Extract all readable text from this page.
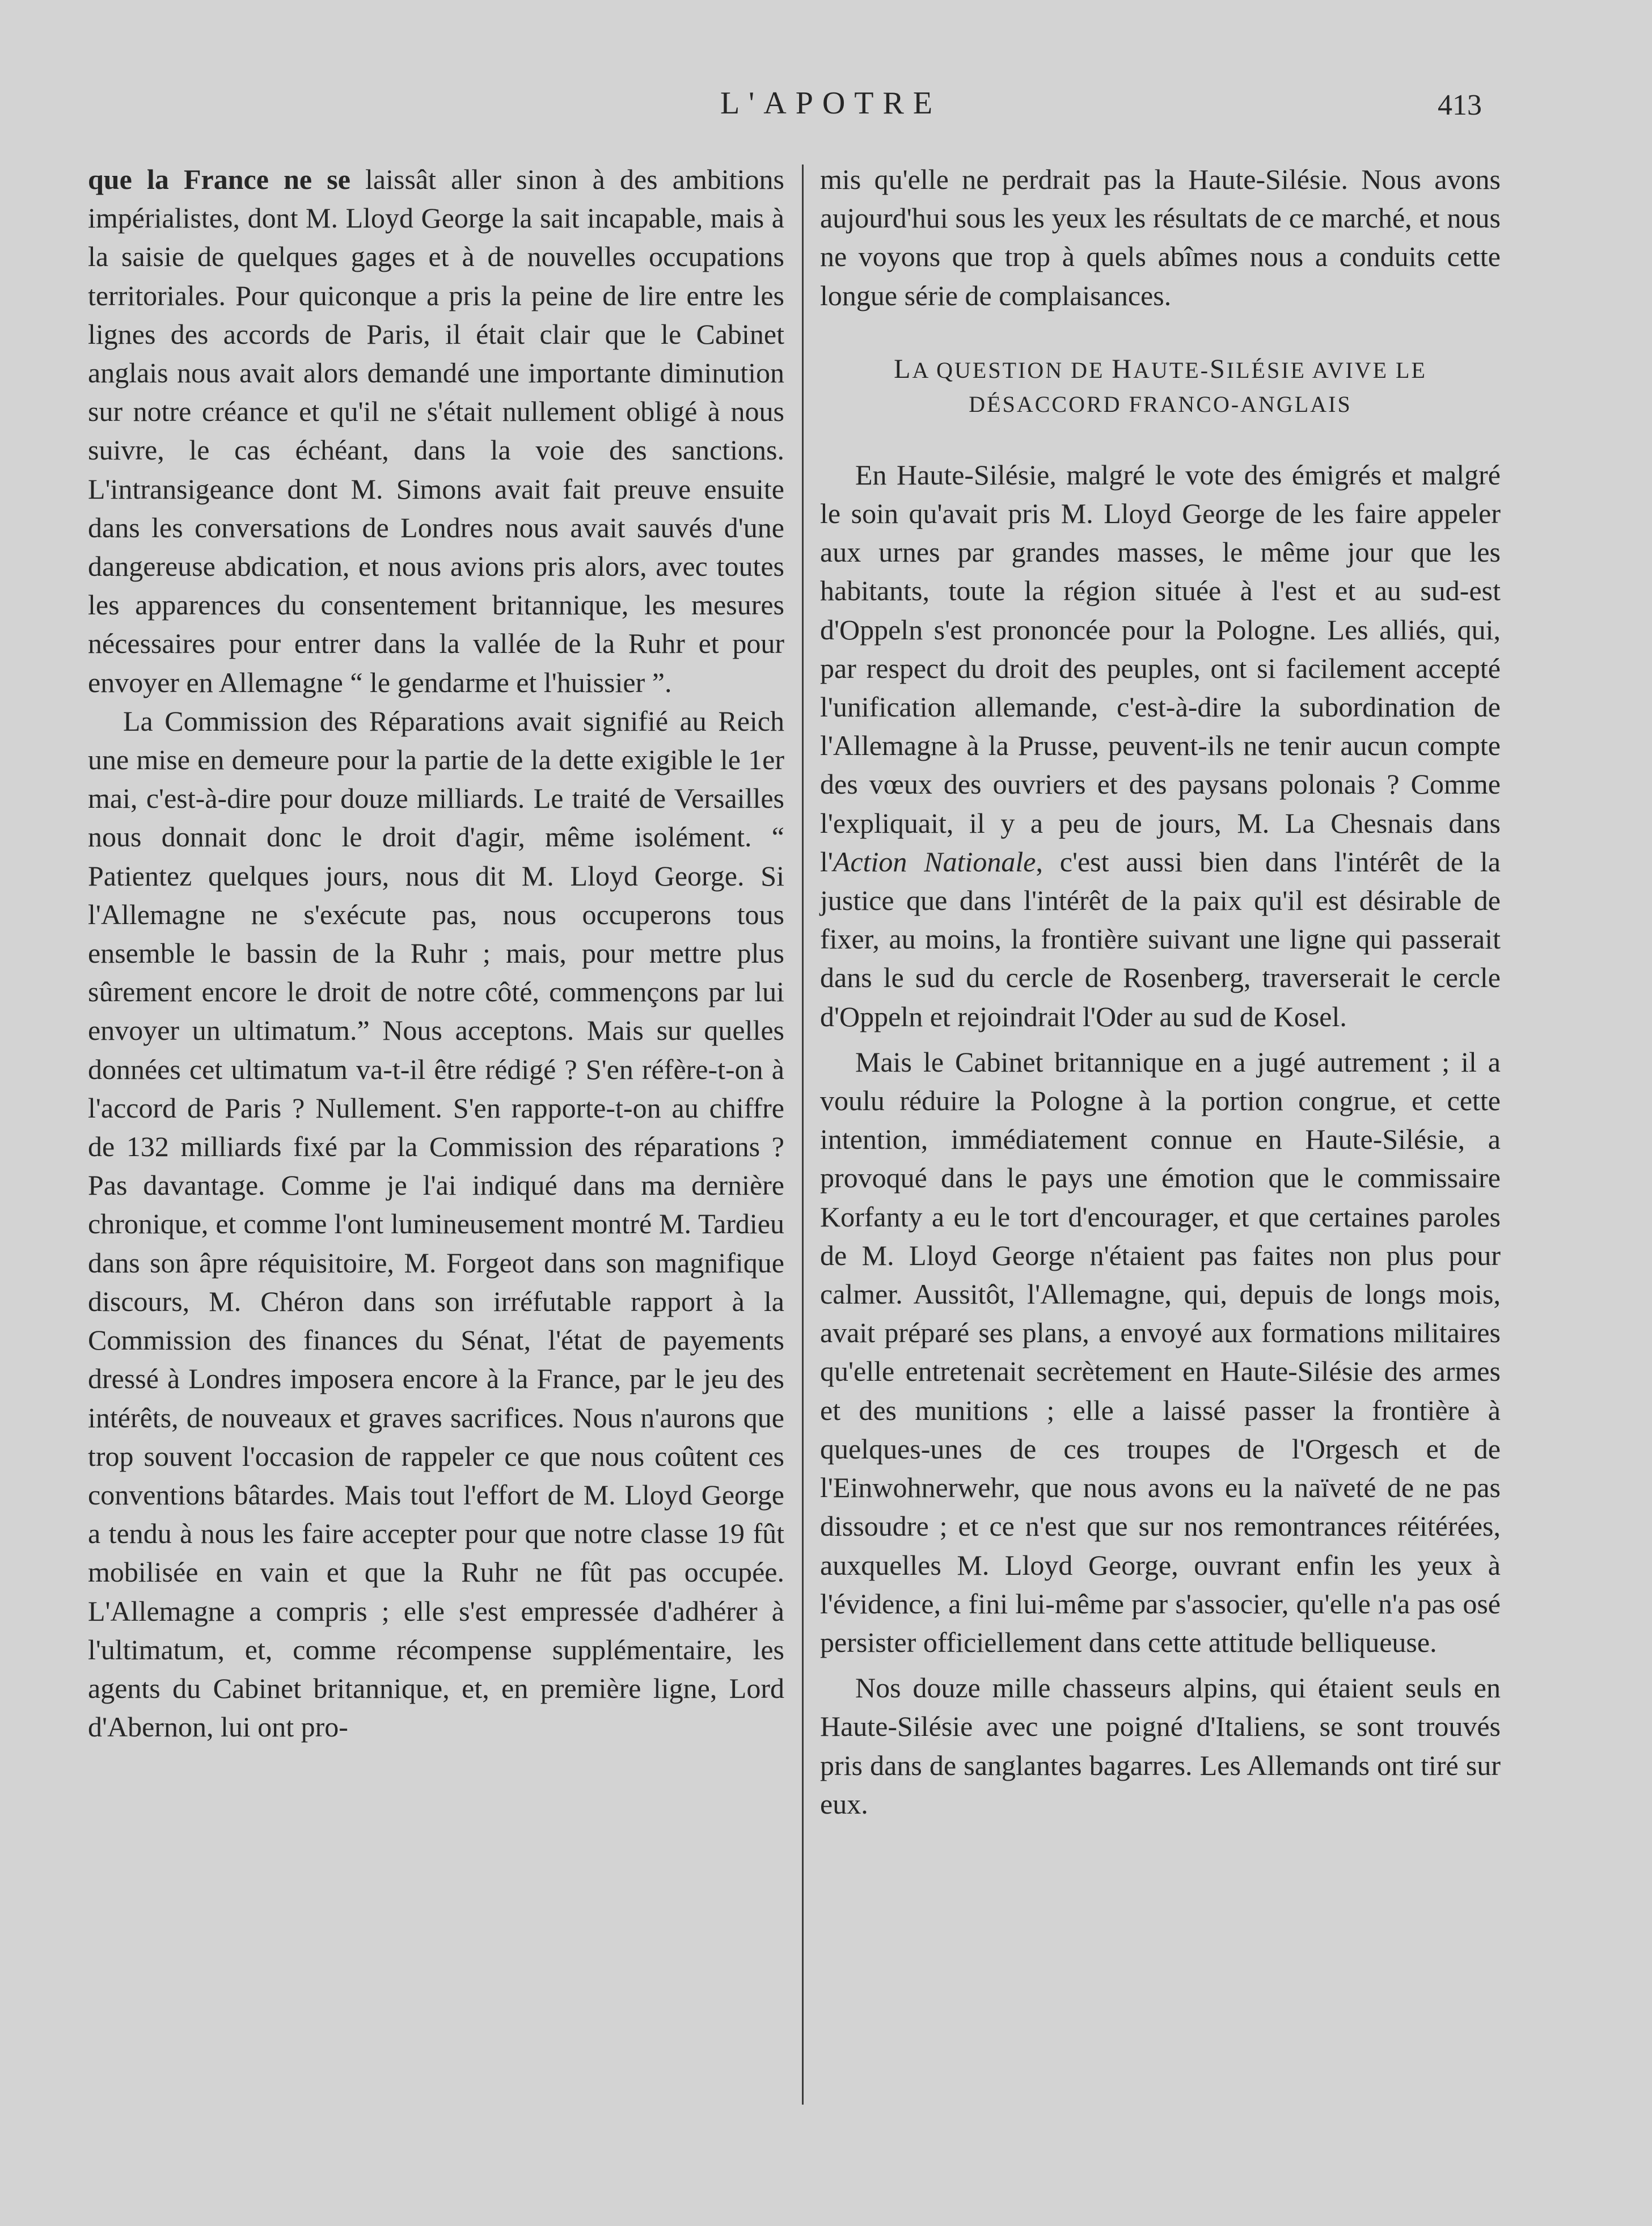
L'APOTRE	413

que la France ne se laissât aller sinon à des ambitions impérialistes, dont M. Lloyd George la sait incapable, mais à la saisie de quelques gages et à de nouvelles occupations territoriales. Pour quiconque a pris la peine de lire entre les lignes des accords de Paris, il était clair que le Cabinet anglais nous avait alors demandé une importante diminution sur notre créance et qu'il ne s'était nullement obligé à nous suivre, le cas échéant, dans la voie des sanctions. L'intransigeance dont M. Simons avait fait preuve ensuite dans les conversations de Londres nous avait sauvés d'une dangereuse abdication, et nous avions pris alors, avec toutes les apparences du consentement britannique, les mesures nécessaires pour entrer dans la vallée de la Ruhr et pour envoyer en Allemagne “ le gendarme et l'huissier ”.

La Commission des Réparations avait signifié au Reich une mise en demeure pour la partie de la dette exigible le 1er mai, c'est-à-dire pour douze milliards. Le traité de Versailles nous donnait donc le droit d'agir, même isolément. “ Patientez quelques jours, nous dit M. Lloyd George. Si l'Allemagne ne s'exécute pas, nous occuperons tous ensemble le bassin de la Ruhr ; mais, pour mettre plus sûrement encore le droit de notre côté, commençons par lui envoyer un ultimatum.” Nous acceptons. Mais sur quelles données cet ultimatum va-t-il être rédigé ? S'en réfère-t-on à l'accord de Paris ? Nullement. S'en rapporte-t-on au chiffre de 132 milliards fixé par la Commission des réparations ? Pas davantage. Comme je l'ai indiqué dans ma dernière chronique, et comme l'ont lumineusement montré M. Tardieu dans son âpre réquisitoire, M. Forgeot dans son magnifique discours, M. Chéron dans son irréfutable rapport à la Commission des finances du Sénat, l'état de payements dressé à Londres imposera encore à la France, par le jeu des intérêts, de nouveaux et graves sacrifices. Nous n'aurons que trop souvent l'occasion de rappeler ce que nous coûtent ces conventions bâtardes. Mais tout l'effort de M. Lloyd George a tendu à nous les faire accepter pour que notre classe 19 fût mobilisée en vain et que la Ruhr ne fût pas occupée. L'Allemagne a compris ; elle s'est empressée d'adhérer à l'ultimatum, et, comme récompense supplémentaire, les agents du Cabinet britannique, et, en première ligne, Lord d'Abernon, lui ont pro-

mis qu'elle ne perdrait pas la Haute-Silésie. Nous avons aujourd'hui sous les yeux les résultats de ce marché, et nous ne voyons que trop à quels abîmes nous a conduits cette longue série de complaisances.

LA QUESTION DE HAUTE-SILÉSIE AVIVE LE
DÉSACCORD FRANCO-ANGLAIS

En Haute-Silésie, malgré le vote des émigrés et malgré le soin qu'avait pris M. Lloyd George de les faire appeler aux urnes par grandes masses, le même jour que les habitants, toute la région située à l'est et au sud-est d'Oppeln s'est prononcée pour la Pologne. Les alliés, qui, par respect du droit des peuples, ont si facilement accepté l'unification allemande, c'est-à-dire la subordination de l'Allemagne à la Prusse, peuvent-ils ne tenir aucun compte des vœux des ouvriers et des paysans polonais ? Comme l'expliquait, il y a peu de jours, M. La Chesnais dans l'Action Nationale, c'est aussi bien dans l'intérêt de la justice que dans l'intérêt de la paix qu'il est désirable de fixer, au moins, la frontière suivant une ligne qui passerait dans le sud du cercle de Rosenberg, traverserait le cercle d'Oppeln et rejoindrait l'Oder au sud de Kosel.

Mais le Cabinet britannique en a jugé autrement ; il a voulu réduire la Pologne à la portion congrue, et cette intention, immédiatement connue en Haute-Silésie, a provoqué dans le pays une émotion que le commissaire Korfanty a eu le tort d'encourager, et que certaines paroles de M. Lloyd George n'étaient pas faites non plus pour calmer. Aussitôt, l'Allemagne, qui, depuis de longs mois, avait préparé ses plans, a envoyé aux formations militaires qu'elle entretenait secrètement en Haute-Silésie des armes et des munitions ; elle a laissé passer la frontière à quelques-unes de ces troupes de l'Orgesch et de l'Einwohnerwehr, que nous avons eu la naïveté de ne pas dissoudre ; et ce n'est que sur nos remontrances réitérées, auxquelles M. Lloyd George, ouvrant enfin les yeux à l'évidence, a fini lui-même par s'associer, qu'elle n'a pas osé persister officiellement dans cette attitude belliqueuse.

Nos douze mille chasseurs alpins, qui étaient seuls en Haute-Silésie avec une poigné d'Italiens, se sont trouvés pris dans de sanglantes bagarres. Les Allemands ont tiré sur eux.
